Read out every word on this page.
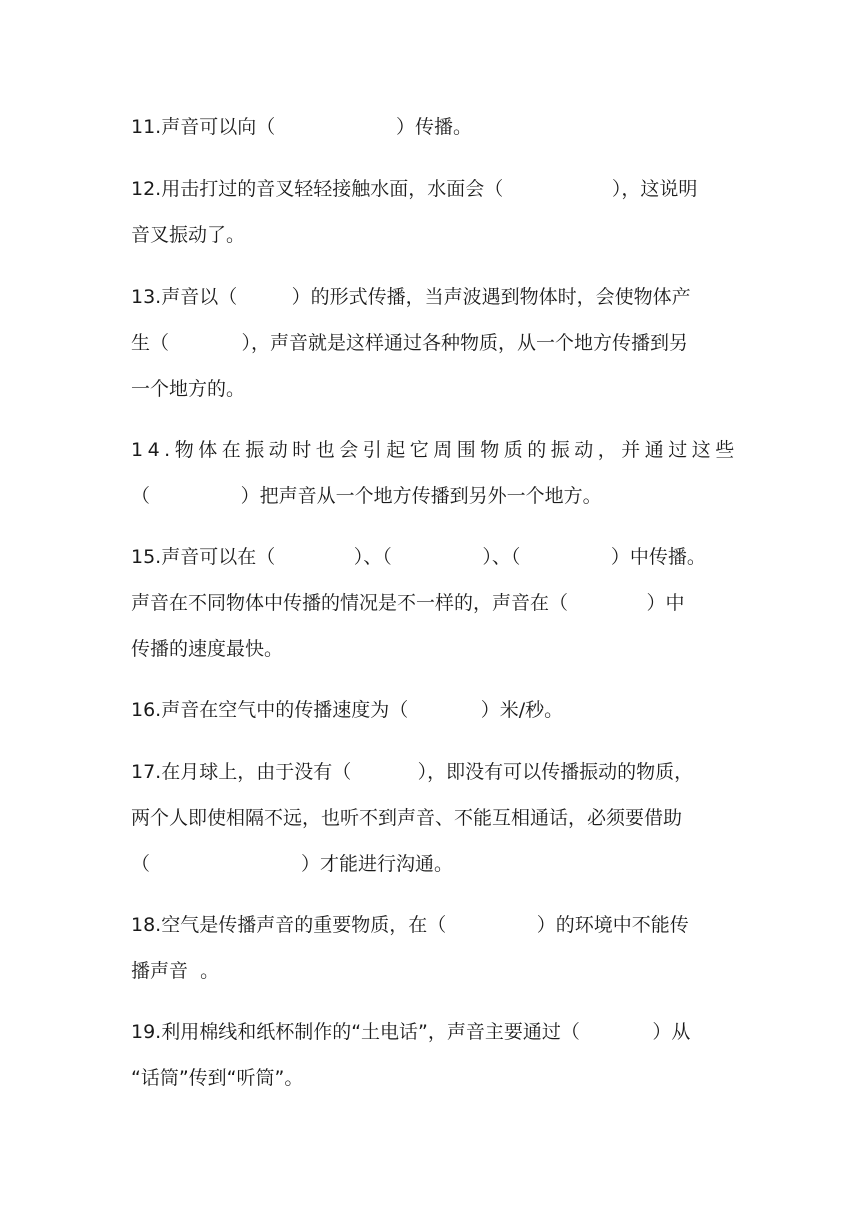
11.声音可以向（                    ）传播。
12.用击打过的音叉轻轻接触水面，水面会（                  ），这说明
音叉振动了。
13.声音以（         ）的形式传播，当声波遇到物体时，会使物体产
生（            ），声音就是这样通过各种物质，从一个地方传播到另
一个地方的。
14.物体在振动时也会引起它周围物质的振动，并通过这些
（               ）把声音从一个地方传播到另外一个地方。
15.声音可以在（             ）、（               ）、（               ）中传播。
声音在不同物体中传播的情况是不一样的，声音在（             ）中
传播的速度最快。
16.声音在空气中的传播速度为（            ）米/秒。
17.在月球上，由于没有（           ），即没有可以传播振动的物质，
两个人即使相隔不远，也听不到声音、不能互相通话，必须要借助
（                         ）才能进行沟通。
18.空气是传播声音的重要物质，在（               ）的环境中不能传
播声音  。
19.利用棉线和纸杯制作的“土电话”，声音主要通过（            ）从
“话筒”传到“听筒”。
